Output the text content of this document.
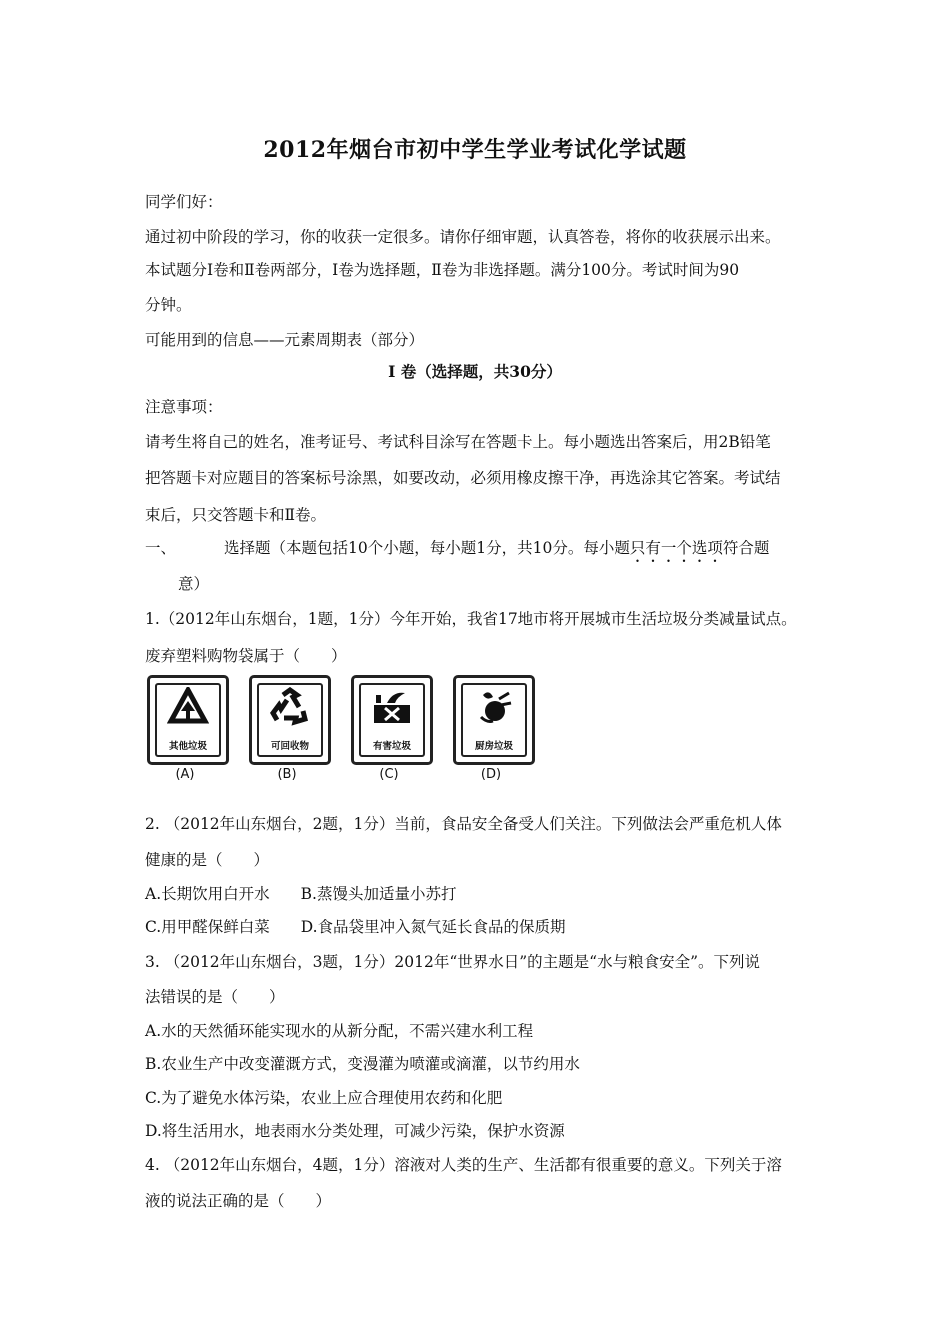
2012年烟台市初中学生学业考试化学试题
同学们好：
通过初中阶段的学习，你的收获一定很多。请你仔细审题，认真答卷，将你的收获展示出来。
本试题分Ⅰ卷和Ⅱ卷两部分，Ⅰ卷为选择题，Ⅱ卷为非选择题。满分100分。考试时间为90
分钟。
可能用到的信息——元素周期表（部分）
Ⅰ 卷（选择题，共30分）
注意事项：
请考生将自己的姓名，准考证号、考试科目涂写在答题卡上。每小题选出答案后，用2B铅笔
把答题卡对应题目的答案标号涂黑，如要改动，必须用橡皮擦干净，再选涂其它答案。考试结
束后，只交答题卡和Ⅱ卷。
一、	选择题（本题包括10个小题，每小题1分，共10分。每小题只有一个选项符合题
意）
1.（2012年山东烟台，1题，1分）今年开始，我省17地市将开展城市生活垃圾分类减量试点。
废弃塑料购物袋属于（　　）
其他垃圾
(A)
可回收物
(B)
有害垃圾
(C)
厨房垃圾
(D)
2. （2012年山东烟台，2题，1分）当前，食品安全备受人们关注。下列做法会严重危机人体
健康的是（　　）
A.长期饮用白开水　　B.蒸馒头加适量小苏打
C.用甲醛保鲜白菜　　D.食品袋里冲入氮气延长食品的保质期
3. （2012年山东烟台，3题，1分）2012年“世界水日”的主题是“水与粮食安全”。下列说
法错误的是（　　）
A.水的天然循环能实现水的从新分配，不需兴建水利工程
B.农业生产中改变灌溉方式，变漫灌为喷灌或滴灌，以节约用水
C.为了避免水体污染，农业上应合理使用农药和化肥
D.将生活用水，地表雨水分类处理，可减少污染，保护水资源
4. （2012年山东烟台，4题，1分）溶液对人类的生产、生活都有很重要的意义。下列关于溶
液的说法正确的是（　　）
